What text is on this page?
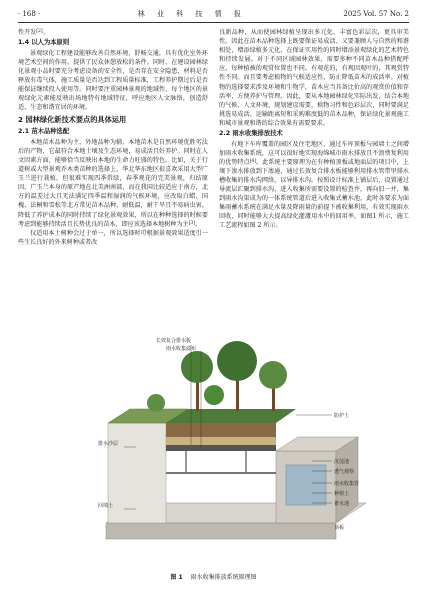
· 168 ·	林 业 科 技 情 报	2025 Vol. 57 No. 2

性开发[2]。

1.4 以人为本原则

景观绿化工程建设能够改善自然环境，舒畅交通，具有优化室外环境艺术空间的作用，提供了民众休憩放松的条件。同时，在建设园林绿化景观小品时要充分考虑设备的安全性，是否存在安全隐患，材料是否释放有毒气体，施工质量是否达到工程质量标准，工程养护期过后是否能保证继续投入使用等。同时要注重园林景观的地域性，每个地区的景观绿化元素能反映出场地特有地域特征，呼应地区人文脉络，创造舒适、生态和谐宜居的环境。

2 园林绿化新技术要点的具体运用
2.1 苗木品种选配

本地苗木品种为主，外地品种为辅，本地苗木是自然环境优胜劣汰后的产物，它最符合本地土壤及生态环境，易成活且好养护。同时在人文因素方面，能够恰当反映出本地的生命力旺盛的特色。比如，关于行道树或大型景观乔木类苗种的选择上，华北华东地区很喜欢采用大型广玉兰进行栽植，但很难实现四季常绿，春季观花的完美景观，归结原因，广玉兰本身的原产地在北美洲南部，而在我国比较适应于南方，北方的温差过大且无法满足四季温和湿润的气候环境，应改取白蜡、国槐、法桐和雪松等北方常见苗木品种，耐低温，耐干旱且不易病虫害，降低了养护成本的同时持续了绿化景观效果，所以在种种选择的时候要考虑到能够持续活且长势优良的苗木，即应该选择本地树种为主[3]。

仅适用本土树种会过于单一，所以选择时可根据景观效果适度引一些生长良好的外来树种或者改

良新品种，从而使园林绿植呈现出多元化、丰富色彩层次，更具审美性。因此在苗木品种选择上既要保证易成活、又要兼顾人与自然的和谐相处，增添绿植多元化，在保证实用性的同时增添景观绿化的艺术特色和持续发展。对于不同区域园林效果，需要多种不同苗木品种搭配呼应，每种植被的观赏位置也不同，有观花的，有观因观叶的，其观赏特性不同。而且要考虑植物的气候适应性，防止降低苗木的成活率。对植物的选择要求涉及环境和生物学，苗木应当具备比价高的观赏价值和存活率，方便养护与管理。因此，要从本地园林绿化实际出发，结合本地的气候、人文环境、规划建设需要，植物习性和色彩层次，同时要满足挑选易成活、运输距离短和采购难度低的苗木品种，保证绿化景观施工和城市景观和谐的综合效果有需要要求。

2.2 雨水收集排放技术

有地下车库覆盖的园区及住宅地区，通过车库顶板与园墙土之间增加雨水收集系统，这可以很好地实现海绵城市雨水排放且不浪费复利用的优势特点[4]。此系统主要原理为在有种植顶板或地面层的项目中，上壤下渗水排放到下渗通，通过长效复合排水板能够利用排水管带里排水槽收集的排水沟网络，以导排水沟，按照设计标准上铺层后，设置通过导流层汇聚到排水沟，进入收集所需要设置的检查井，再向旧一并，集到雨水沟渠成为的一体系统管道后进入收集式蓄水池，此时各要求为面集雨蓄水系统在满足水量及降雨量的前提下被收集利用，有效实现雨水回收，同时能够大大提高绿化灌溉用水中的回用率，如图1 所示，施工工艺流程如图 2 所示。

长效复合排水板
雨水收集滤布
排水沙层
回填土
防护土
沉淀池
透气观察
雨水收集管
种植土
蓄水池
顶板
图 1 雨水收集排放系统原理图
